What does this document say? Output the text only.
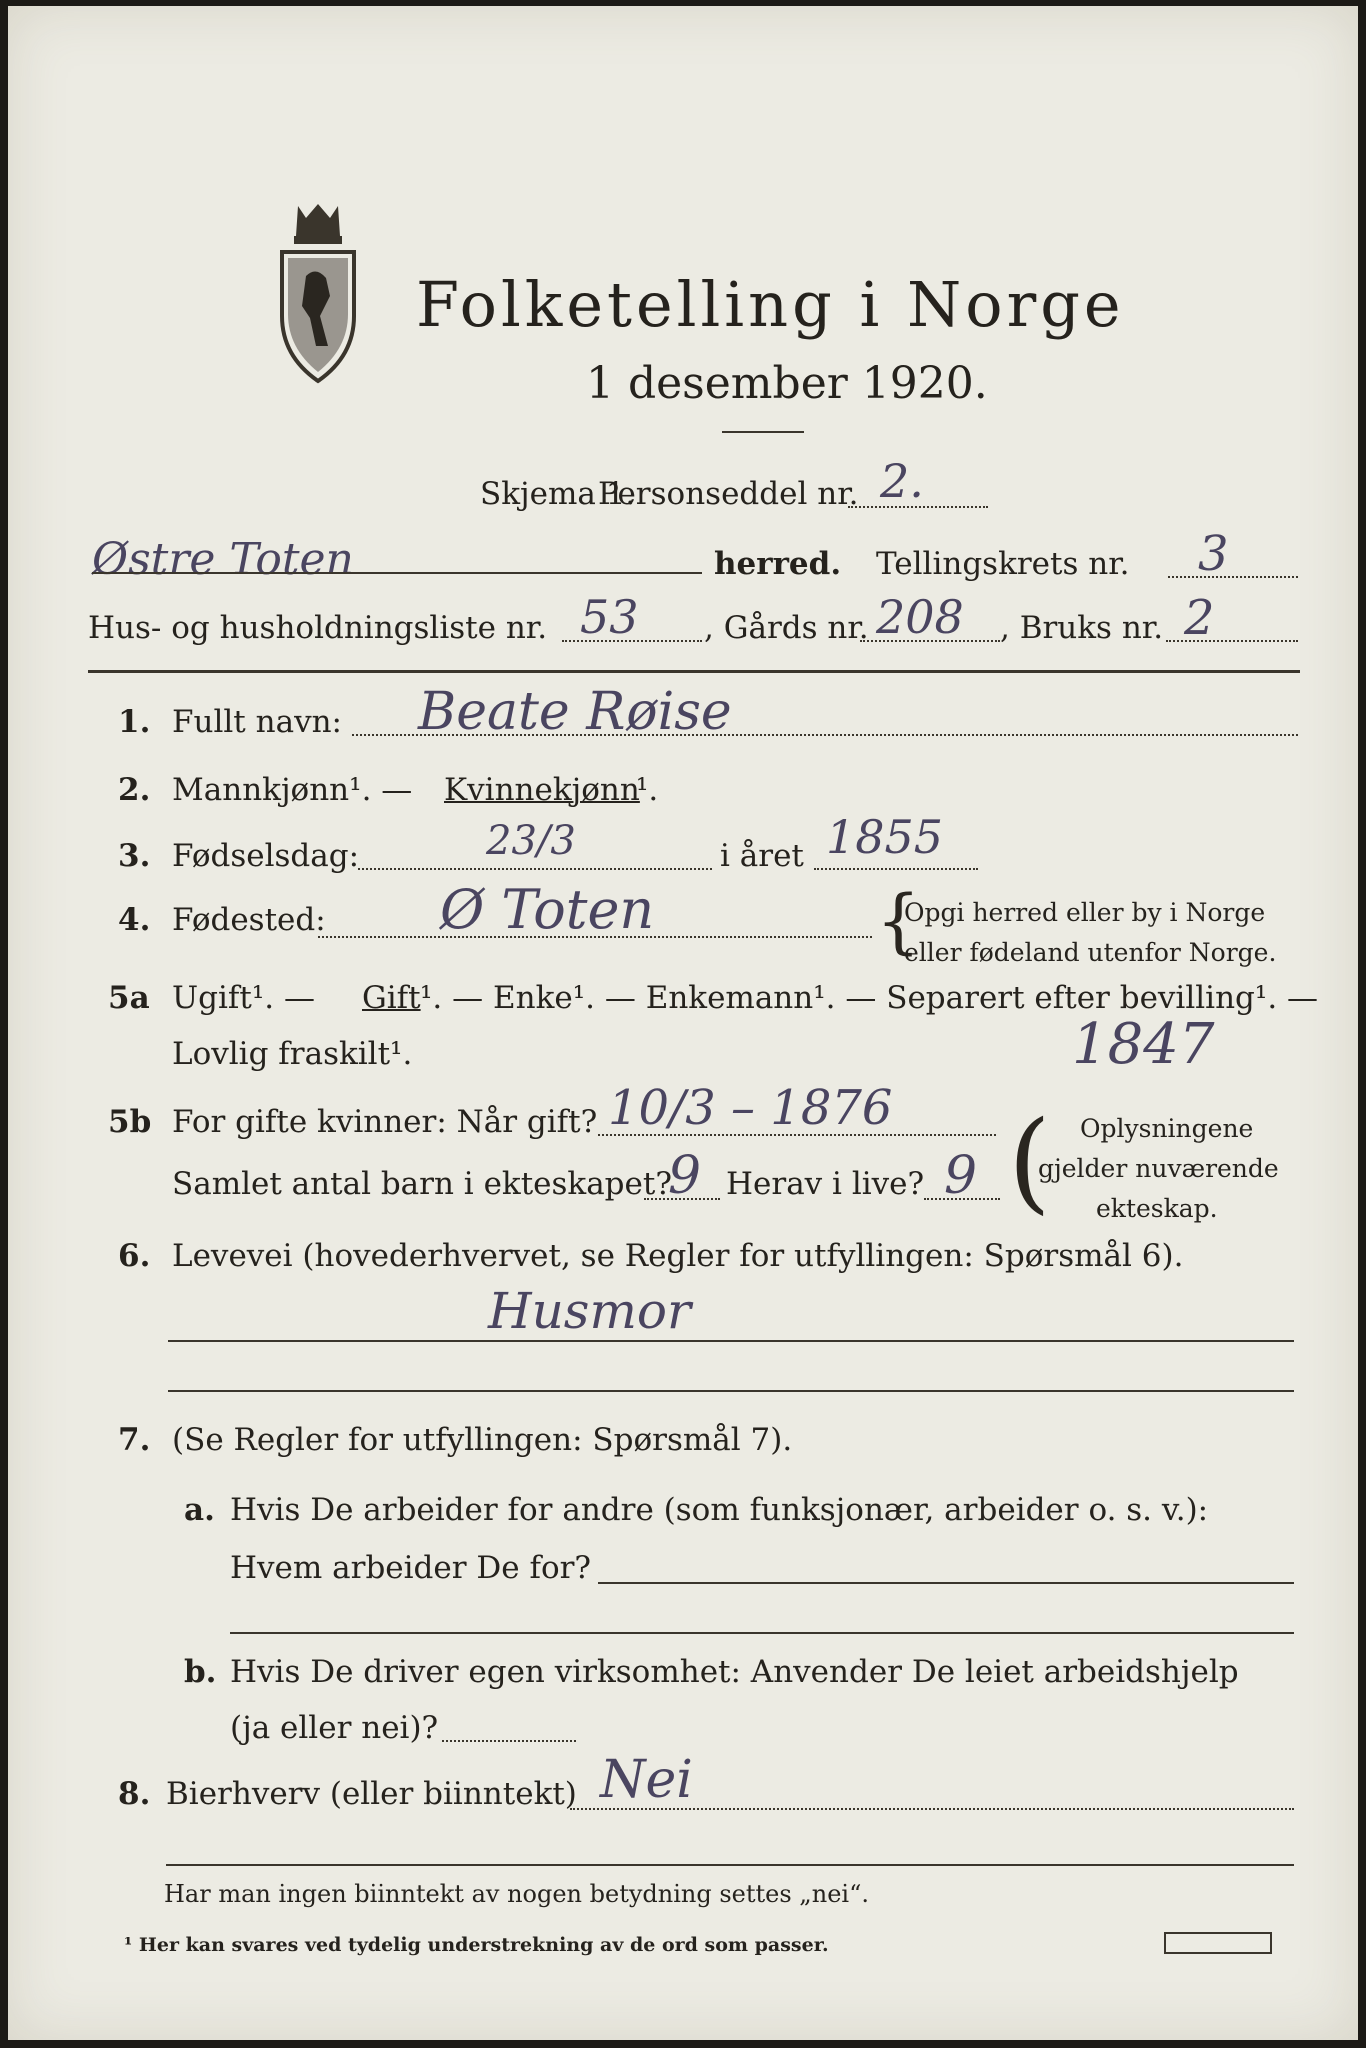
Folketelling i Norge
1 desember 1920.
Skjema 1.
Personseddel nr. 2.
Østre Toten	herred. Tellingskrets nr. 3
Hus- og husholdningsliste nr. 53 , Gårds nr. 208 , Bruks nr. 2
1. Fullt navn: Beate Røise
2. Mannkjønn¹. — Kvinnekjønn
¹.
3. Fødselsdag:	23/3	i året 1855
4. Fødested: Ø Toten	{
Opgi herred eller by i Norge
eller fødeland utenfor Norge.
5a Ugift¹. — Gift ¹. — Enke¹. — Enkemann¹. — Separert efter bevilling¹. —
Lovlig fraskilt¹.	1847
5b For gifte kvinner: Når gift? 10/3 – 1876
Samlet antal barn i ekteskapet?
9 Herav i live? 9 ( Oplysningene
gjelder nuværende
ekteskap.
6. Levevei (hovederhvervet, se Regler for utfyllingen: Spørsmål 6).
Husmor
7. (Se Regler for utfyllingen: Spørsmål 7).
a. Hvis De arbeider for andre (som funksjonær, arbeider o. s. v.):
Hvem arbeider De for?
b. Hvis De driver egen virksomhet: Anvender De leiet arbeidshjelp
(ja eller nei)?
8. Bierhverv (eller biinntekt) Nei
Har man ingen biinntekt av nogen betydning settes „nei“.
¹ Her kan svares ved tydelig understrekning av de ord som passer.
